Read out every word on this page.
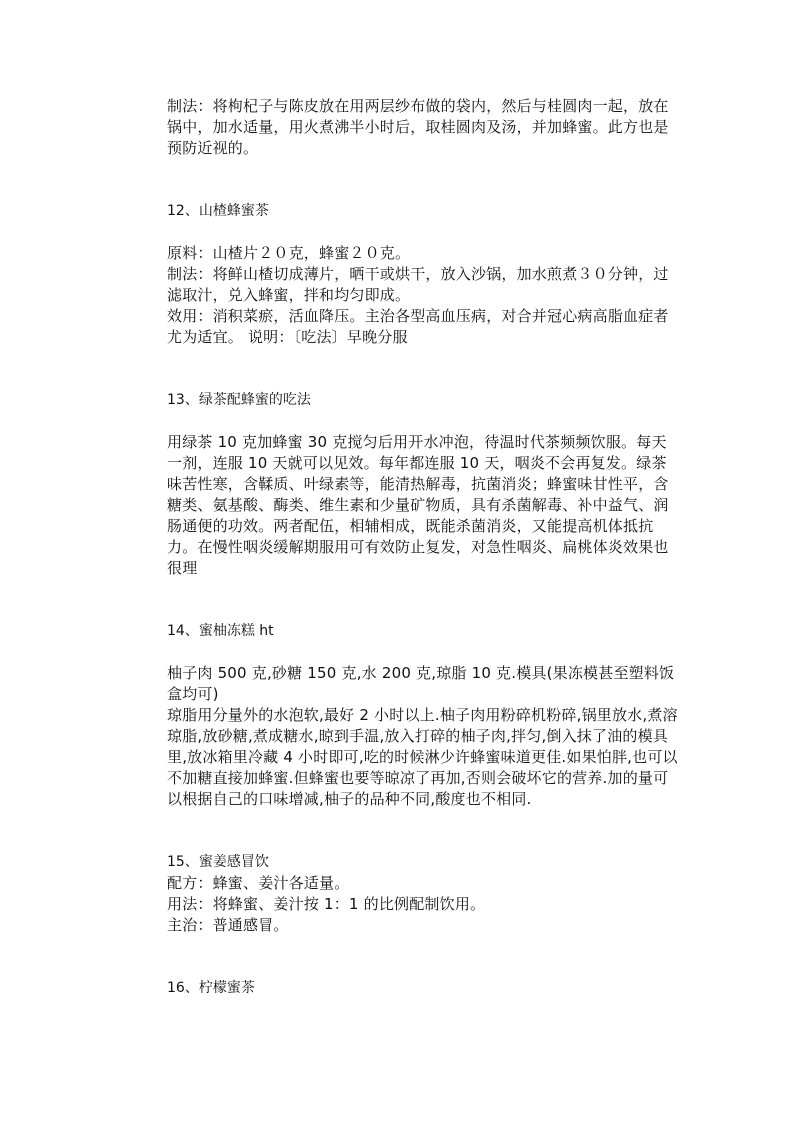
制法：将枸杞子与陈皮放在用两层纱布做的袋内，然后与桂圆肉一起，放在锅中，加水适量，用火煮沸半小时后，取桂圆肉及汤，并加蜂蜜。此方也是预防近视的。

12、山楂蜂蜜茶

原料：山楂片２０克，蜂蜜２０克。

制法：将鲜山楂切成薄片，晒干或烘干，放入沙锅，加水煎煮３０分钟，过滤取汁，兑入蜂蜜，拌和均匀即成。

效用：消积菜瘀，活血降压。主治各型高血压病，对合并冠心病高脂血症者尤为适宜。 说明：〔吃法〕早晚分服

13、绿茶配蜂蜜的吃法

用绿茶 10 克加蜂蜜 30 克搅匀后用开水冲泡，待温时代茶频频饮服。每天一剂，连服 10 天就可以见效。每年都连服 10 天，咽炎不会再复发。绿茶味苦性寒，含鞣质、叶绿素等，能清热解毒，抗菌消炎；蜂蜜味甘性平，含糖类、氨基酸、酶类、维生素和少量矿物质，具有杀菌解毒、补中益气、润肠通便的功效。两者配伍，相辅相成，既能杀菌消炎，又能提高机体抵抗力。在慢性咽炎缓解期服用可有效防止复发，对急性咽炎、扁桃体炎效果也很理

14、蜜柚冻糕 ht

柚子肉 500 克,砂糖 150 克,水 200 克,琼脂 10 克.模具(果冻模甚至塑料饭盒均可)

琼脂用分量外的水泡软,最好 2 小时以上.柚子肉用粉碎机粉碎,锅里放水,煮溶琼脂,放砂糖,煮成糖水,晾到手温,放入打碎的柚子肉,拌匀,倒入抹了油的模具里,放冰箱里冷藏 4 小时即可,吃的时候淋少许蜂蜜味道更佳.如果怕胖,也可以不加糖直接加蜂蜜.但蜂蜜也要等晾凉了再加,否则会破坏它的营养.加的量可以根据自己的口味增减,柚子的品种不同,酸度也不相同.

15、蜜姜感冒饮

配方：蜂蜜、姜汁各适量。

用法：将蜂蜜、姜汁按 1：1 的比例配制饮用。

主治：普通感冒。

16、柠檬蜜茶
